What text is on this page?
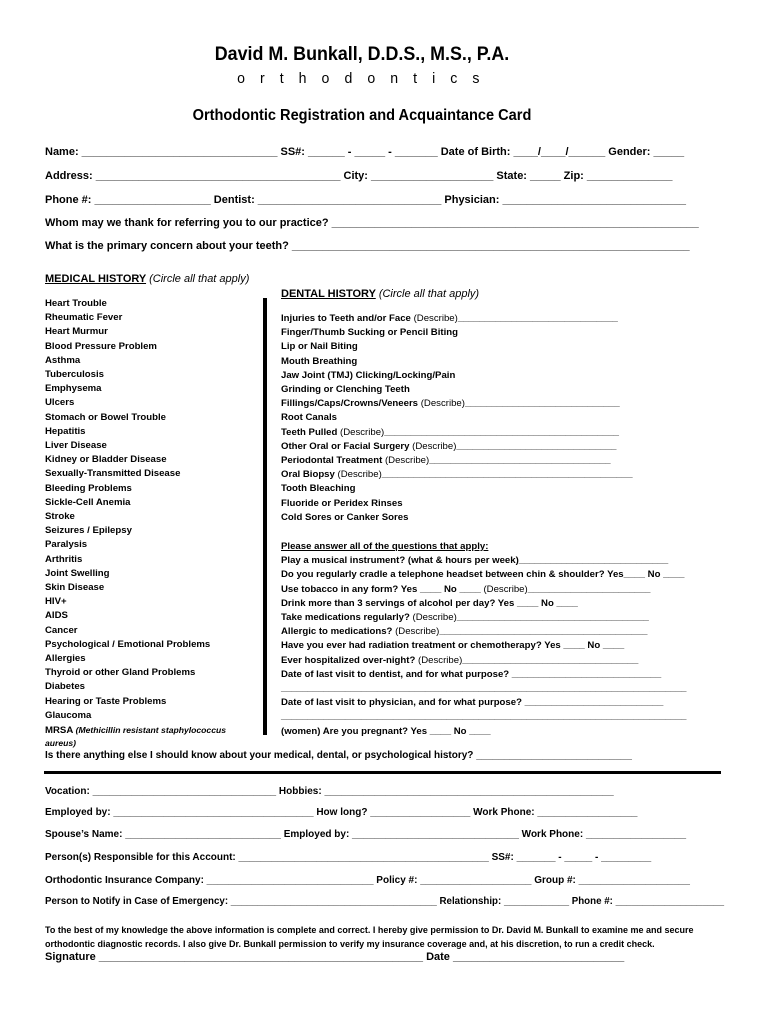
David M. Bunkall, D.D.S., M.S., P.A.
orthodontics
Orthodontic Registration and Acquaintance Card
Name: ________________________________ SS#: ______ - _____ - _______ Date of Birth: ____/____/______ Gender: _____
Address: ________________________________________ City: ____________________ State: _____ Zip: ______________
Phone #: ___________________ Dentist: ______________________________ Physician: ______________________________
Whom may we thank for referring you to our practice? ____________________________________________________________
What is the primary concern about your teeth? _________________________________________________________________
MEDICAL HISTORY (Circle all that apply)
Heart Trouble
Rheumatic Fever
Heart Murmur
Blood Pressure Problem
Asthma
Tuberculosis
Emphysema
Ulcers
Stomach or Bowel Trouble
Hepatitis
Liver Disease
Kidney or Bladder Disease
Sexually-Transmitted Disease
Bleeding Problems
Sickle-Cell Anemia
Stroke
Seizures / Epilepsy
Paralysis
Arthritis
Joint Swelling
Skin Disease
HIV+
AIDS
Cancer
Psychological / Emotional Problems
Allergies
Thyroid or other Gland Problems
Diabetes
Hearing or Taste Problems
Glaucoma
MRSA (Methicillin resistant staphylococcus
aureus)
DENTAL HISTORY (Circle all that apply)
Injuries to Teeth and/or Face (Describe)______________________________
Finger/Thumb Sucking or Pencil Biting
Lip or Nail Biting
Mouth Breathing
Jaw Joint (TMJ) Clicking/Locking/Pain
Grinding or Clenching Teeth
Fillings/Caps/Crowns/Veneers (Describe)_____________________________
Root Canals
Teeth Pulled (Describe)____________________________________________
Other Oral or Facial Surgery (Describe)______________________________
Periodontal Treatment (Describe)__________________________________
Oral Biopsy (Describe)_______________________________________________
Tooth Bleaching
Fluoride or Peridex Rinses
Cold Sores or Canker Sores
Please answer all of the questions that apply:
Play a musical instrument? (what & hours per week)____________________________
Do you regularly cradle a telephone headset between chin & shoulder? Yes____ No ____
Use tobacco in any form? Yes ____ No ____ (Describe)_______________________
Drink more than 3 servings of alcohol per day? Yes ____ No ____
Take medications regularly? (Describe)____________________________________
Allergic to medications? (Describe)_______________________________________
Have you ever had radiation treatment or chemotherapy? Yes ____ No ____
Ever hospitalized over-night? (Describe)_________________________________
Date of last visit to dentist, and for what purpose? ____________________________
____________________________________________________________________________
Date of last visit to physician, and for what purpose? __________________________
____________________________________________________________________________
(women) Are you pregnant? Yes ____ No ____
Is there anything else I should know about your medical, dental, or psychological history? ____________________________
Vocation: _________________________________ Hobbies: ____________________________________________________
Employed by: ____________________________________ How long? __________________ Work Phone: __________________
Spouse’s Name: ____________________________ Employed by: ______________________________ Work Phone: __________________
Person(s) Responsible for this Account: _____________________________________________ SS#: _______ - _____ - _________
Orthodontic Insurance Company: ______________________________ Policy #: ____________________ Group #: ____________________
Person to Notify in Case of Emergency: ______________________________________ Relationship: ____________ Phone #: ____________________
To the best of my knowledge the above information is complete and correct. I hereby give permission to Dr. David M. Bunkall to examine me and secure
orthodontic diagnostic records. I also give Dr. Bunkall permission to verify my insurance coverage and, at his discretion, to run a credit check.
Signature _____________________________________________________ Date ____________________________
